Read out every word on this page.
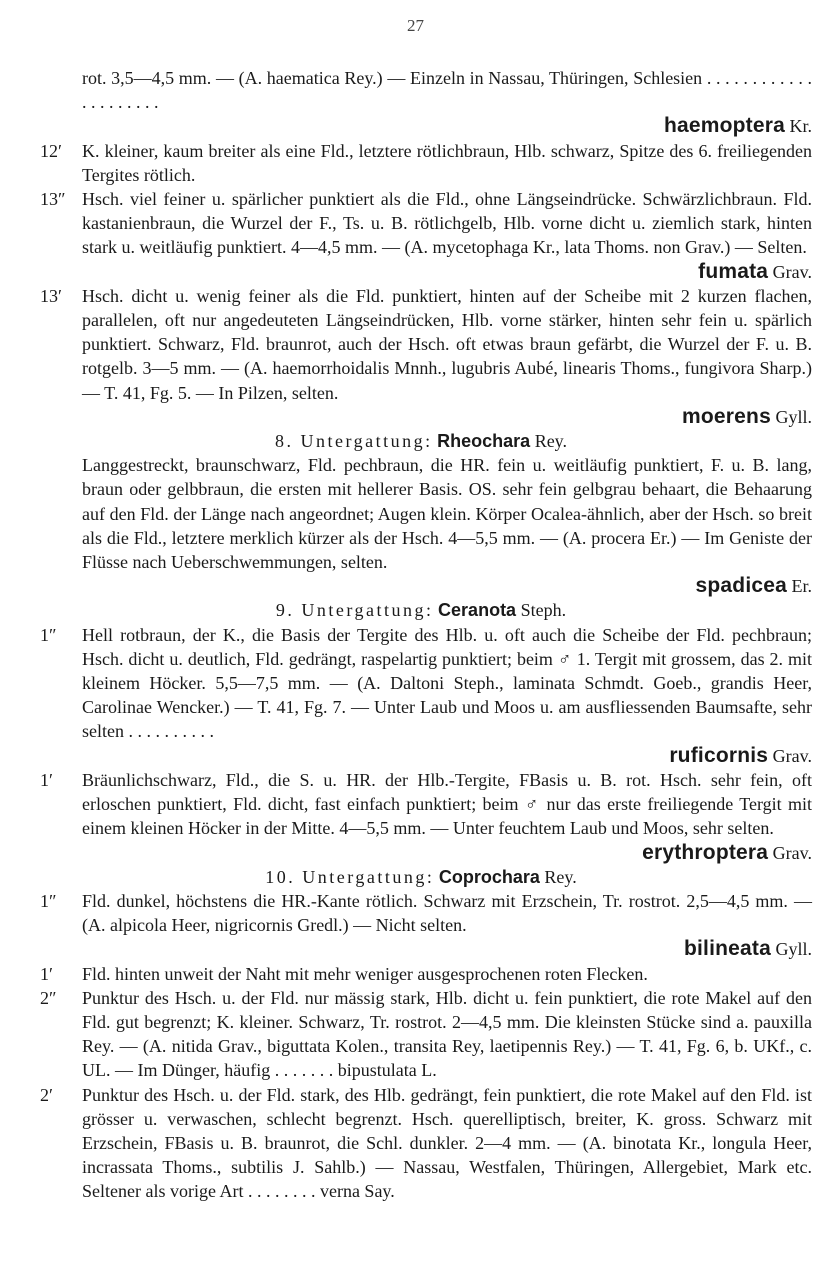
27

rot. 3,5—4,5 mm. — (A. haematica Rey.) — Einzeln in Nassau, Thüringen, Schlesien . . . . . . . . . . . . . . . . . . . . .

haemoptera Kr.

12′	K. kleiner, kaum breiter als eine Fld., letztere rötlichbraun, Hlb. schwarz, Spitze des 6. freiliegenden Tergites rötlich.

13″ Hsch. viel feiner u. spärlicher punktiert als die Fld., ohne Längseindrücke. Schwärzlichbraun. Fld. kastanienbraun, die Wurzel der F., Ts. u. B. rötlichgelb, Hlb. vorne dicht u. ziemlich stark, hinten stark u. weitläufig punktiert. 4—4,5 mm. — (A. mycetophaga Kr., lata Thoms. non Grav.) — Selten.

fumata Grav.

13′	Hsch. dicht u. wenig feiner als die Fld. punktiert, hinten auf der Scheibe mit 2 kurzen flachen, parallelen, oft nur angedeuteten Längseindrücken, Hlb. vorne stärker, hinten sehr fein u. spärlich punktiert. Schwarz, Fld. braunrot, auch der Hsch. oft etwas braun gefärbt, die Wurzel der F. u. B. rotgelb. 3—5 mm. — (A. haemorrhoidalis Mnnh., lugubris Aubé, linearis Thoms., fungivora Sharp.) — T. 41, Fg. 5. — In Pilzen, selten.

moerens Gyll.

8. Untergattung: Rheochara Rey.

Langgestreckt, braunschwarz, Fld. pechbraun, die HR. fein u. weitläufig punktiert, F. u. B. lang, braun oder gelbbraun, die ersten mit hellerer Basis. OS. sehr fein gelbgrau behaart, die Behaarung auf den Fld. der Länge nach angeordnet; Augen klein. Körper Ocalea-ähnlich, aber der Hsch. so breit als die Fld., letztere merklich kürzer als der Hsch. 4—5,5 mm. — (A. procera Er.) — Im Geniste der Flüsse nach Ueberschwemmungen, selten.

spadicea Er.

9. Untergattung: Ceranota Steph.

1″	Hell rotbraun, der K., die Basis der Tergite des Hlb. u. oft auch die Scheibe der Fld. pechbraun; Hsch. dicht u. deutlich, Fld. gedrängt, raspelartig punktiert; beim ♂ 1. Tergit mit grossem, das 2. mit kleinem Höcker. 5,5—7,5 mm. — (A. Daltoni Steph., laminata Schmdt. Goeb., grandis Heer, Carolinae Wencker.) — T. 41, Fg. 7. — Unter Laub und Moos u. am ausfliessenden Baumsafte, sehr selten . . . . . . . . . .

ruficornis Grav.

1′	Bräunlichschwarz, Fld., die S. u. HR. der Hlb.-Tergite, FBasis u. B. rot. Hsch. sehr fein, oft erloschen punktiert, Fld. dicht, fast einfach punktiert; beim ♂ nur das erste freiliegende Tergit mit einem kleinen Höcker in der Mitte. 4—5,5 mm. — Unter feuchtem Laub und Moos, sehr selten.

erythroptera Grav.

10. Untergattung: Coprochara Rey.

1″	Fld. dunkel, höchstens die HR.-Kante rötlich. Schwarz mit Erzschein, Tr. rostrot. 2,5—4,5 mm. — (A. alpicola Heer, nigricornis Gredl.) — Nicht selten.

bilineata Gyll.

1′	Fld. hinten unweit der Naht mit mehr weniger ausgesprochenen roten Flecken.

2″	Punktur des Hsch. u. der Fld. nur mässig stark, Hlb. dicht u. fein punktiert, die rote Makel auf den Fld. gut begrenzt; K. kleiner. Schwarz, Tr. rostrot. 2—4,5 mm. Die kleinsten Stücke sind a. pauxilla Rey. — (A. nitida Grav., biguttata Kolen., transita Rey, laetipennis Rey.) — T. 41, Fg. 6, b. UKf., c. UL. — Im Dünger, häufig . . . . . . . bipustulata L.

2′	Punktur des Hsch. u. der Fld. stark, des Hlb. gedrängt, fein punktiert, die rote Makel auf den Fld. ist grösser u. verwaschen, schlecht begrenzt. Hsch. querelliptisch, breiter, K. gross. Schwarz mit Erzschein, FBasis u. B. braunrot, die Schl. dunkler. 2—4 mm. — (A. binotata Kr., longula Heer, incrassata Thoms., subtilis J. Sahlb.) — Nassau, Westfalen, Thüringen, Allergebiet, Mark etc. Seltener als vorige Art . . . . . . . . verna Say.
